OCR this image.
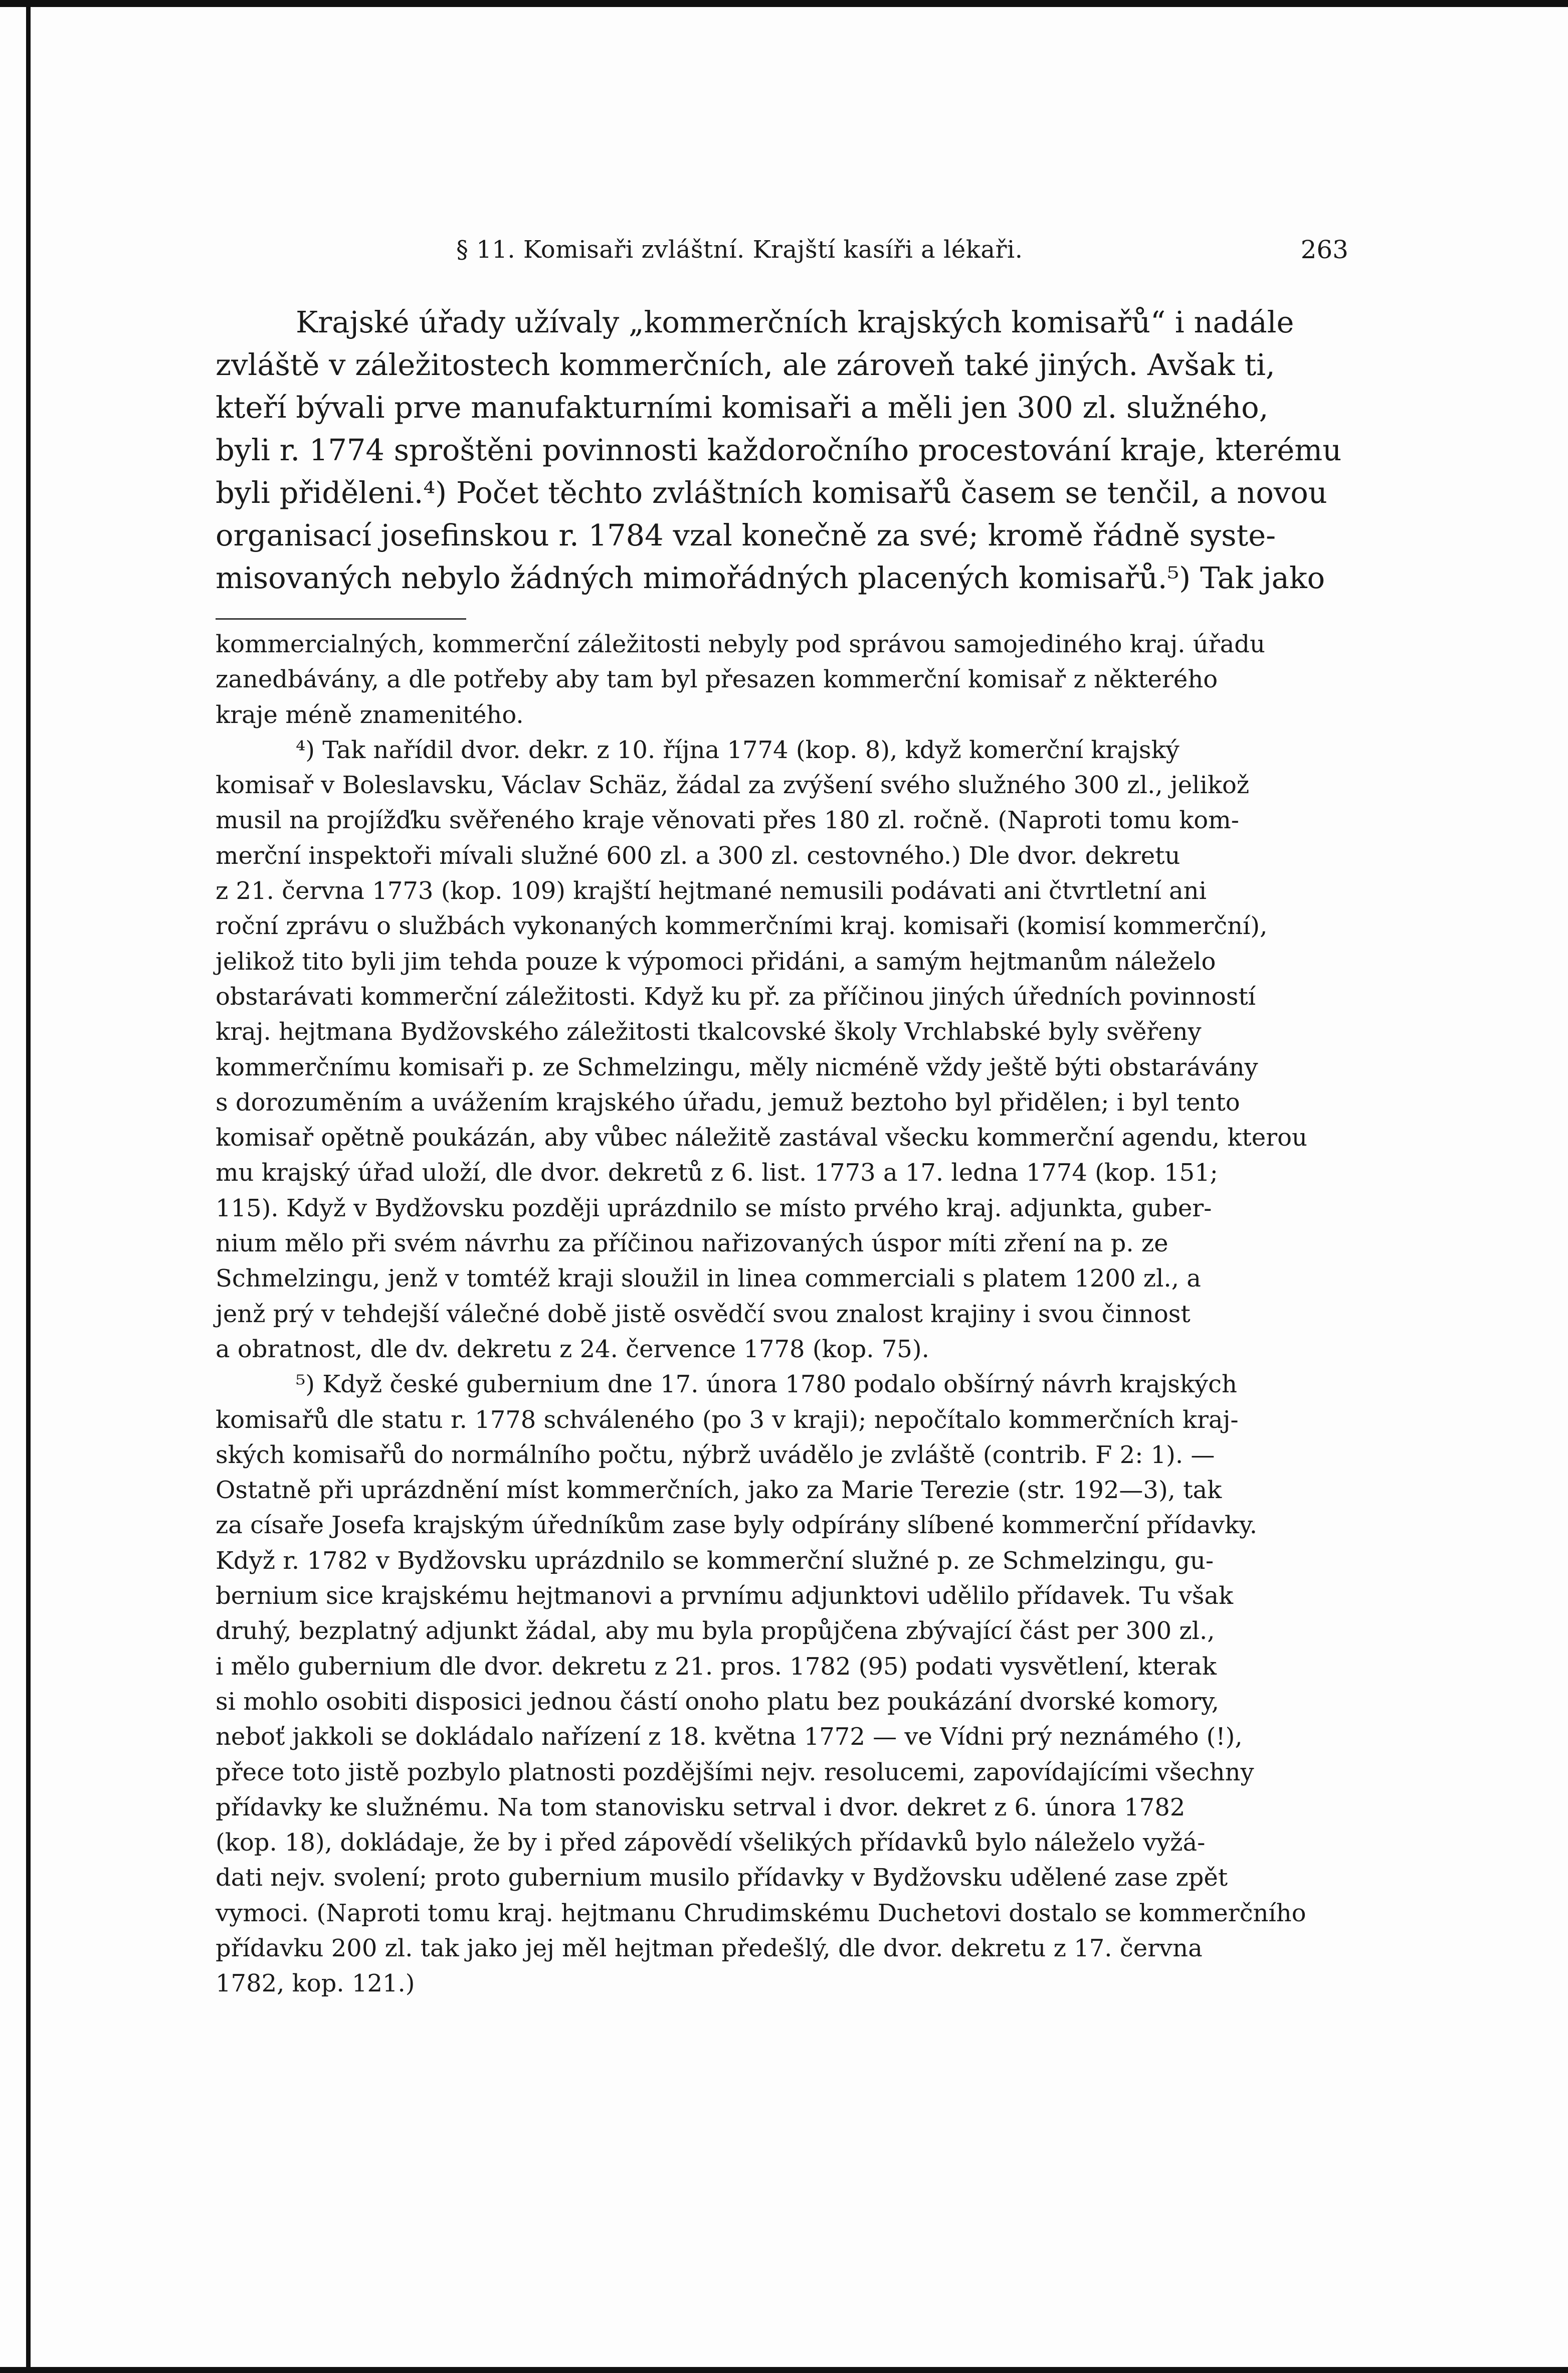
§ 11. Komisaři zvláštní. Krajští kasíři a lékaři.	263
Krajské úřady užívaly „kommerčních krajských komisařů“ i nadále
zvláště v záležitostech kommerčních, ale zároveň také jiných. Avšak ti,
kteří bývali prve manufakturními komisaři a měli jen 300 zl. služného,
byli r. 1774 sproštěni povinnosti každoročního procestování kraje, kterému
byli přiděleni.⁴) Počet těchto zvláštních komisařů časem se tenčil, a novou
organisací josefinskou r. 1784 vzal konečně za své; kromě řádně syste-
misovaných nebylo žádných mimořádných placených komisařů.⁵) Tak jako
kommercialných, kommerční záležitosti nebyly pod správou samojediného kraj. úřadu
zanedbávány, a dle potřeby aby tam byl přesazen kommerční komisař z některého
kraje méně znamenitého.
⁴) Tak nařídil dvor. dekr. z 10. října 1774 (kop. 8), když komerční krajský
komisař v Boleslavsku, Václav Schäz, žádal za zvýšení svého služného 300 zl., jelikož
musil na projížďku svěřeného kraje věnovati přes 180 zl. ročně. (Naproti tomu kom-
merční inspektoři mívali služné 600 zl. a 300 zl. cestovného.) Dle dvor. dekretu
z 21. června 1773 (kop. 109) krajští hejtmané nemusili podávati ani čtvrtletní ani
roční zprávu o službách vykonaných kommerčními kraj. komisaři (komisí kommerční),
jelikož tito byli jim tehda pouze k výpomoci přidáni, a samým hejtmanům náleželo
obstarávati kommerční záležitosti. Když ku př. za příčinou jiných úředních povinností
kraj. hejtmana Bydžovského záležitosti tkalcovské školy Vrchlabské byly svěřeny
kommerčnímu komisaři p. ze Schmelzingu, měly nicméně vždy ještě býti obstarávány
s dorozuměním a uvážením krajského úřadu, jemuž beztoho byl přidělen; i byl tento
komisař opětně poukázán, aby vůbec náležitě zastával všecku kommerční agendu, kterou
mu krajský úřad uloží, dle dvor. dekretů z 6. list. 1773 a 17. ledna 1774 (kop. 151;
115). Když v Bydžovsku později uprázdnilo se místo prvého kraj. adjunkta, guber-
nium mělo při svém návrhu za příčinou nařizovaných úspor míti zření na p. ze
Schmelzingu, jenž v tomtéž kraji sloužil in linea commerciali s platem 1200 zl., a
jenž prý v tehdejší válečné době jistě osvědčí svou znalost krajiny i svou činnost
a obratnost, dle dv. dekretu z 24. července 1778 (kop. 75).
⁵) Když české gubernium dne 17. února 1780 podalo obšírný návrh krajských
komisařů dle statu r. 1778 schváleného (po 3 v kraji); nepočítalo kommerčních kraj-
ských komisařů do normálního počtu, nýbrž uvádělo je zvláště (contrib. F 2: 1). —
Ostatně při uprázdnění míst kommerčních, jako za Marie Terezie (str. 192—3), tak
za císaře Josefa krajským úředníkům zase byly odpírány slíbené kommerční přídavky.
Když r. 1782 v Bydžovsku uprázdnilo se kommerční služné p. ze Schmelzingu, gu-
bernium sice krajskému hejtmanovi a prvnímu adjunktovi udělilo přídavek. Tu však
druhý, bezplatný adjunkt žádal, aby mu byla propůjčena zbývající část per 300 zl.,
i mělo gubernium dle dvor. dekretu z 21. pros. 1782 (95) podati vysvětlení, kterak
si mohlo osobiti disposici jednou částí onoho platu bez poukázání dvorské komory,
neboť jakkoli se dokládalo nařízení z 18. května 1772 — ve Vídni prý neznámého (!),
přece toto jistě pozbylo platnosti pozdějšími nejv. resolucemi, zapovídajícími všechny
přídavky ke služnému. Na tom stanovisku setrval i dvor. dekret z 6. února 1782
(kop. 18), dokládaje, že by i před zápovědí všelikých přídavků bylo náleželo vyžá-
dati nejv. svolení; proto gubernium musilo přídavky v Bydžovsku udělené zase zpět
vymoci. (Naproti tomu kraj. hejtmanu Chrudimskému Duchetovi dostalo se kommerčního
přídavku 200 zl. tak jako jej měl hejtman předešlý, dle dvor. dekretu z 17. června
1782, kop. 121.)
